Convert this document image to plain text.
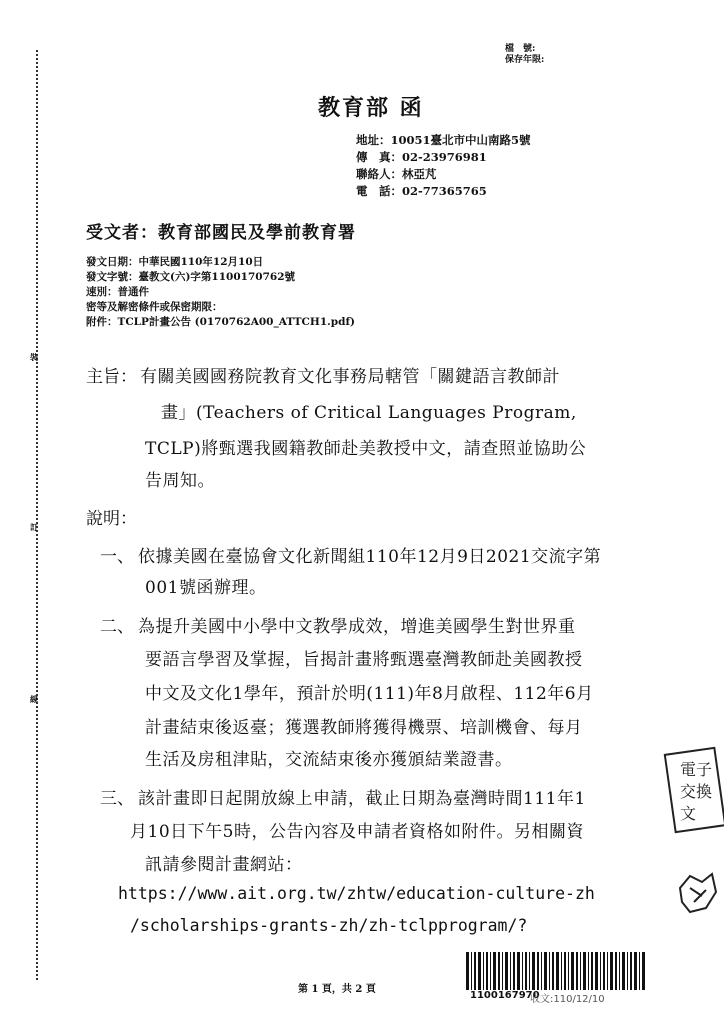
檔　號:
保存年限:
教育部 函
地址：10051臺北市中山南路5號
傳　真：02-23976981
聯絡人：林亞芃
電　話：02-77365765
受文者：教育部國民及學前教育署
發文日期：中華民國110年12月10日
發文字號：臺教文(六)字第1100170762號
速別：普通件
密等及解密條件或保密期限：
附件：TCLP計畫公告 (0170762A00_ATTCH1.pdf)
主旨： 有關美國國務院教育文化事務局轄管「關鍵語言教師計
畫」(Teachers of Critical Languages Program,
TCLP)將甄選我國籍教師赴美教授中文，請查照並協助公
告周知。
說明：
一、 依據美國在臺協會文化新聞組110年12月9日2021交流字第
001號函辦理。
二、 為提升美國中小學中文教學成效，增進美國學生對世界重
要語言學習及掌握，旨揭計畫將甄選臺灣教師赴美國教授
中文及文化1學年，預計於明(111)年8月啟程、112年6月
計畫結束後返臺；獲選教師將獲得機票、培訓機會、每月
生活及房租津貼，交流結束後亦獲頒結業證書。
三、 該計畫即日起開放線上申請，截止日期為臺灣時間111年1
月10日下午5時，公告內容及申請者資格如附件。另相關資
訊請參閱計畫網站：
https://www.ait.org.tw/zhtw/education-culture-zh
/scholarships-grants-zh/zh-tclpprogram/?
裝
訂
線
電子
交換
文
第 1 頁，共 2 頁
1100167970
收文:110/12/10
